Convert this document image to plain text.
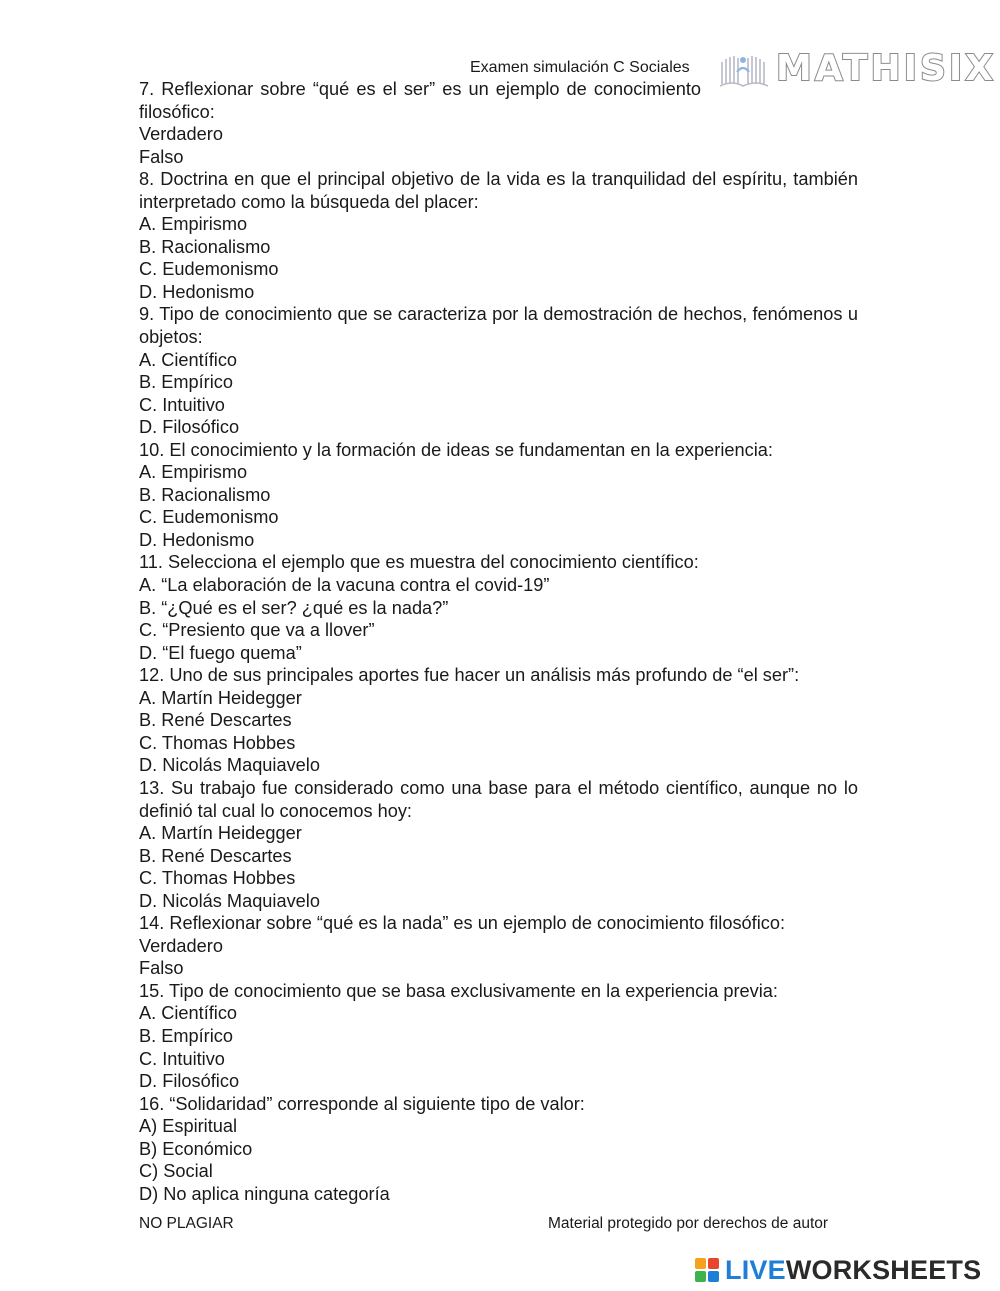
Examen simulación C Sociales MATHISIX
7. Reflexionar sobre “qué es el ser” es un ejemplo de conocimiento filosófico:
Verdadero
Falso
8. Doctrina en que el principal objetivo de la vida es la tranquilidad del espíritu, también interpretado como la búsqueda del placer:
A. Empirismo
B. Racionalismo
C. Eudemonismo
D. Hedonismo
9. Tipo de conocimiento que se caracteriza por la demostración de hechos, fenómenos u objetos:
A. Científico
B. Empírico
C. Intuitivo
D. Filosófico
10. El conocimiento y la formación de ideas se fundamentan en la experiencia:
A. Empirismo
B. Racionalismo
C. Eudemonismo
D. Hedonismo
11. Selecciona el ejemplo que es muestra del conocimiento científico:
A. “La elaboración de la vacuna contra el covid-19”
B. “¿Qué es el ser? ¿qué es la nada?”
C. “Presiento que va a llover”
D. “El fuego quema”
12. Uno de sus principales aportes fue hacer un análisis más profundo de “el ser”:
A. Martín Heidegger
B. René Descartes
C. Thomas Hobbes
D. Nicolás Maquiavelo
13. Su trabajo fue considerado como una base para el método científico, aunque no lo definió tal cual lo conocemos hoy:
A. Martín Heidegger
B. René Descartes
C. Thomas Hobbes
D. Nicolás Maquiavelo
14. Reflexionar sobre “qué es la nada” es un ejemplo de conocimiento filosófico:
Verdadero
Falso
15. Tipo de conocimiento que se basa exclusivamente en la experiencia previa:
A. Científico
B. Empírico
C. Intuitivo
D. Filosófico
16. “Solidaridad” corresponde al siguiente tipo de valor:
A) Espiritual
B) Económico
C) Social
D) No aplica ninguna categoría
NO PLAGIAR	Material protegido por derechos de autor
LIVEWORKSHEETS
